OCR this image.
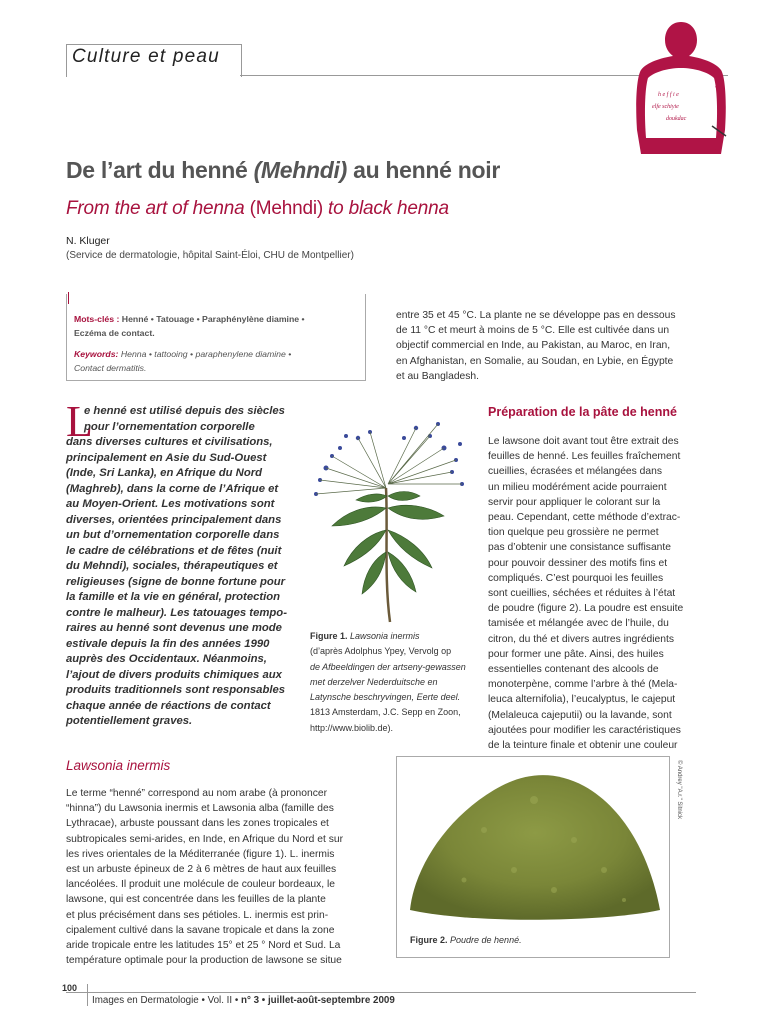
Culture et peau
h e f f i e
elfe schiyie
doukdac
De l’art du henné (Mehndi) au henné noir
From the art of henna (Mehndi) to black henna
N. Kluger
(Service de dermatologie, hôpital Saint-Éloi, CHU de Montpellier)
Mots-clés : Henné • Tatouage • Paraphénylène diamine •
Eczéma de contact.
Keywords: Henna • tattooing • paraphenylene diamine •
Contact dermatitis.
entre 35 et 45 °C. La plante ne se développe pas en dessous
de 11 °C et meurt à moins de 5 °C. Elle est cultivée dans un
objectif commercial en Inde, au Pakistan, au Maroc, en Iran,
en Afghanistan, en Somalie, au Soudan, en Lybie, en Égypte
et au Bangladesh.
L
e henné est utilisé depuis des siècles
pour l’ornementation corporelle
dans diverses cultures et civilisations,
principalement en Asie du Sud-Ouest
(Inde, Sri Lanka), en Afrique du Nord
(Maghreb), dans la corne de l’Afrique et
au Moyen-Orient. Les motivations sont
diverses, orientées principalement dans
un but d’ornementation corporelle dans
le cadre de célébrations et de fêtes (nuit
du Mehndi), sociales, thérapeutiques et
religieuses (signe de bonne fortune pour
la famille et la vie en général, protection
contre le malheur). Les tatouages tempo-
raires au henné sont devenus une mode
estivale depuis la fin des années 1990
auprès des Occidentaux. Néanmoins,
l’ajout de divers produits chimiques aux
produits traditionnels sont responsables
chaque année de réactions de contact
potentiellement graves.
Figure 1. Lawsonia inermis
(d’après Adolphus Ypey, Vervolg op
de Afbeeldingen der artseny-gewassen
met derzelver Nederduitsche en
Latynsche beschryvingen, Eerte deel.
1813 Amsterdam, J.C. Sepp en Zoon,
http://www.biolib.de).
Préparation de la pâte de henné
Le lawsone doit avant tout être extrait des
feuilles de henné. Les feuilles fraîchement
cueillies, écrasées et mélangées dans
un milieu modérément acide pourraient
servir pour appliquer le colorant sur la
peau. Cependant, cette méthode d’extrac-
tion quelque peu grossière ne permet
pas d’obtenir une consistance suffisante
pour pouvoir dessiner des motifs fins et
compliqués. C’est pourquoi les feuilles
sont cueillies, séchées et réduites à l’état
de poudre (figure 2). La poudre est ensuite
tamisée et mélangée avec de l’huile, du
citron, du thé et divers autres ingrédients
pour former une pâte. Ainsi, des huiles
essentielles contenant des alcools de
monoterpène, comme l’arbre à thé (Mela-
leuca alternifolia), l’eucalyptus, le cajeput
(Melaleuca cajeputii) ou la lavande, sont
ajoutées pour modifier les caractéristiques
de la teinture finale et obtenir une couleur
Lawsonia inermis
Le terme “henné” correspond au nom arabe (à prononcer
“hinna”) du Lawsonia inermis et Lawsonia alba (famille des
Lythracae), arbuste poussant dans les zones tropicales et
subtropicales semi-arides, en Inde, en Afrique du Nord et sur
les rives orientales de la Méditerranée (figure 1). L. inermis
est un arbuste épineux de 2 à 6 mètres de haut aux feuilles
lancéolées. Il produit une molécule de couleur bordeaux, le
lawsone, qui est concentrée dans les feuilles de la plante
et plus précisément dans ses pétioles. L. inermis est prin-
cipalement cultivé dans la savane tropicale et dans la zone
aride tropicale entre les latitudes 15° et 25 ° Nord et Sud. La
température optimale pour la production de lawsone se situe
Figure 2. Poudre de henné.
© Andrey "A.r." Sitnick
100
Images en Dermatologie • Vol. II • n° 3 • juillet-août-septembre 2009
